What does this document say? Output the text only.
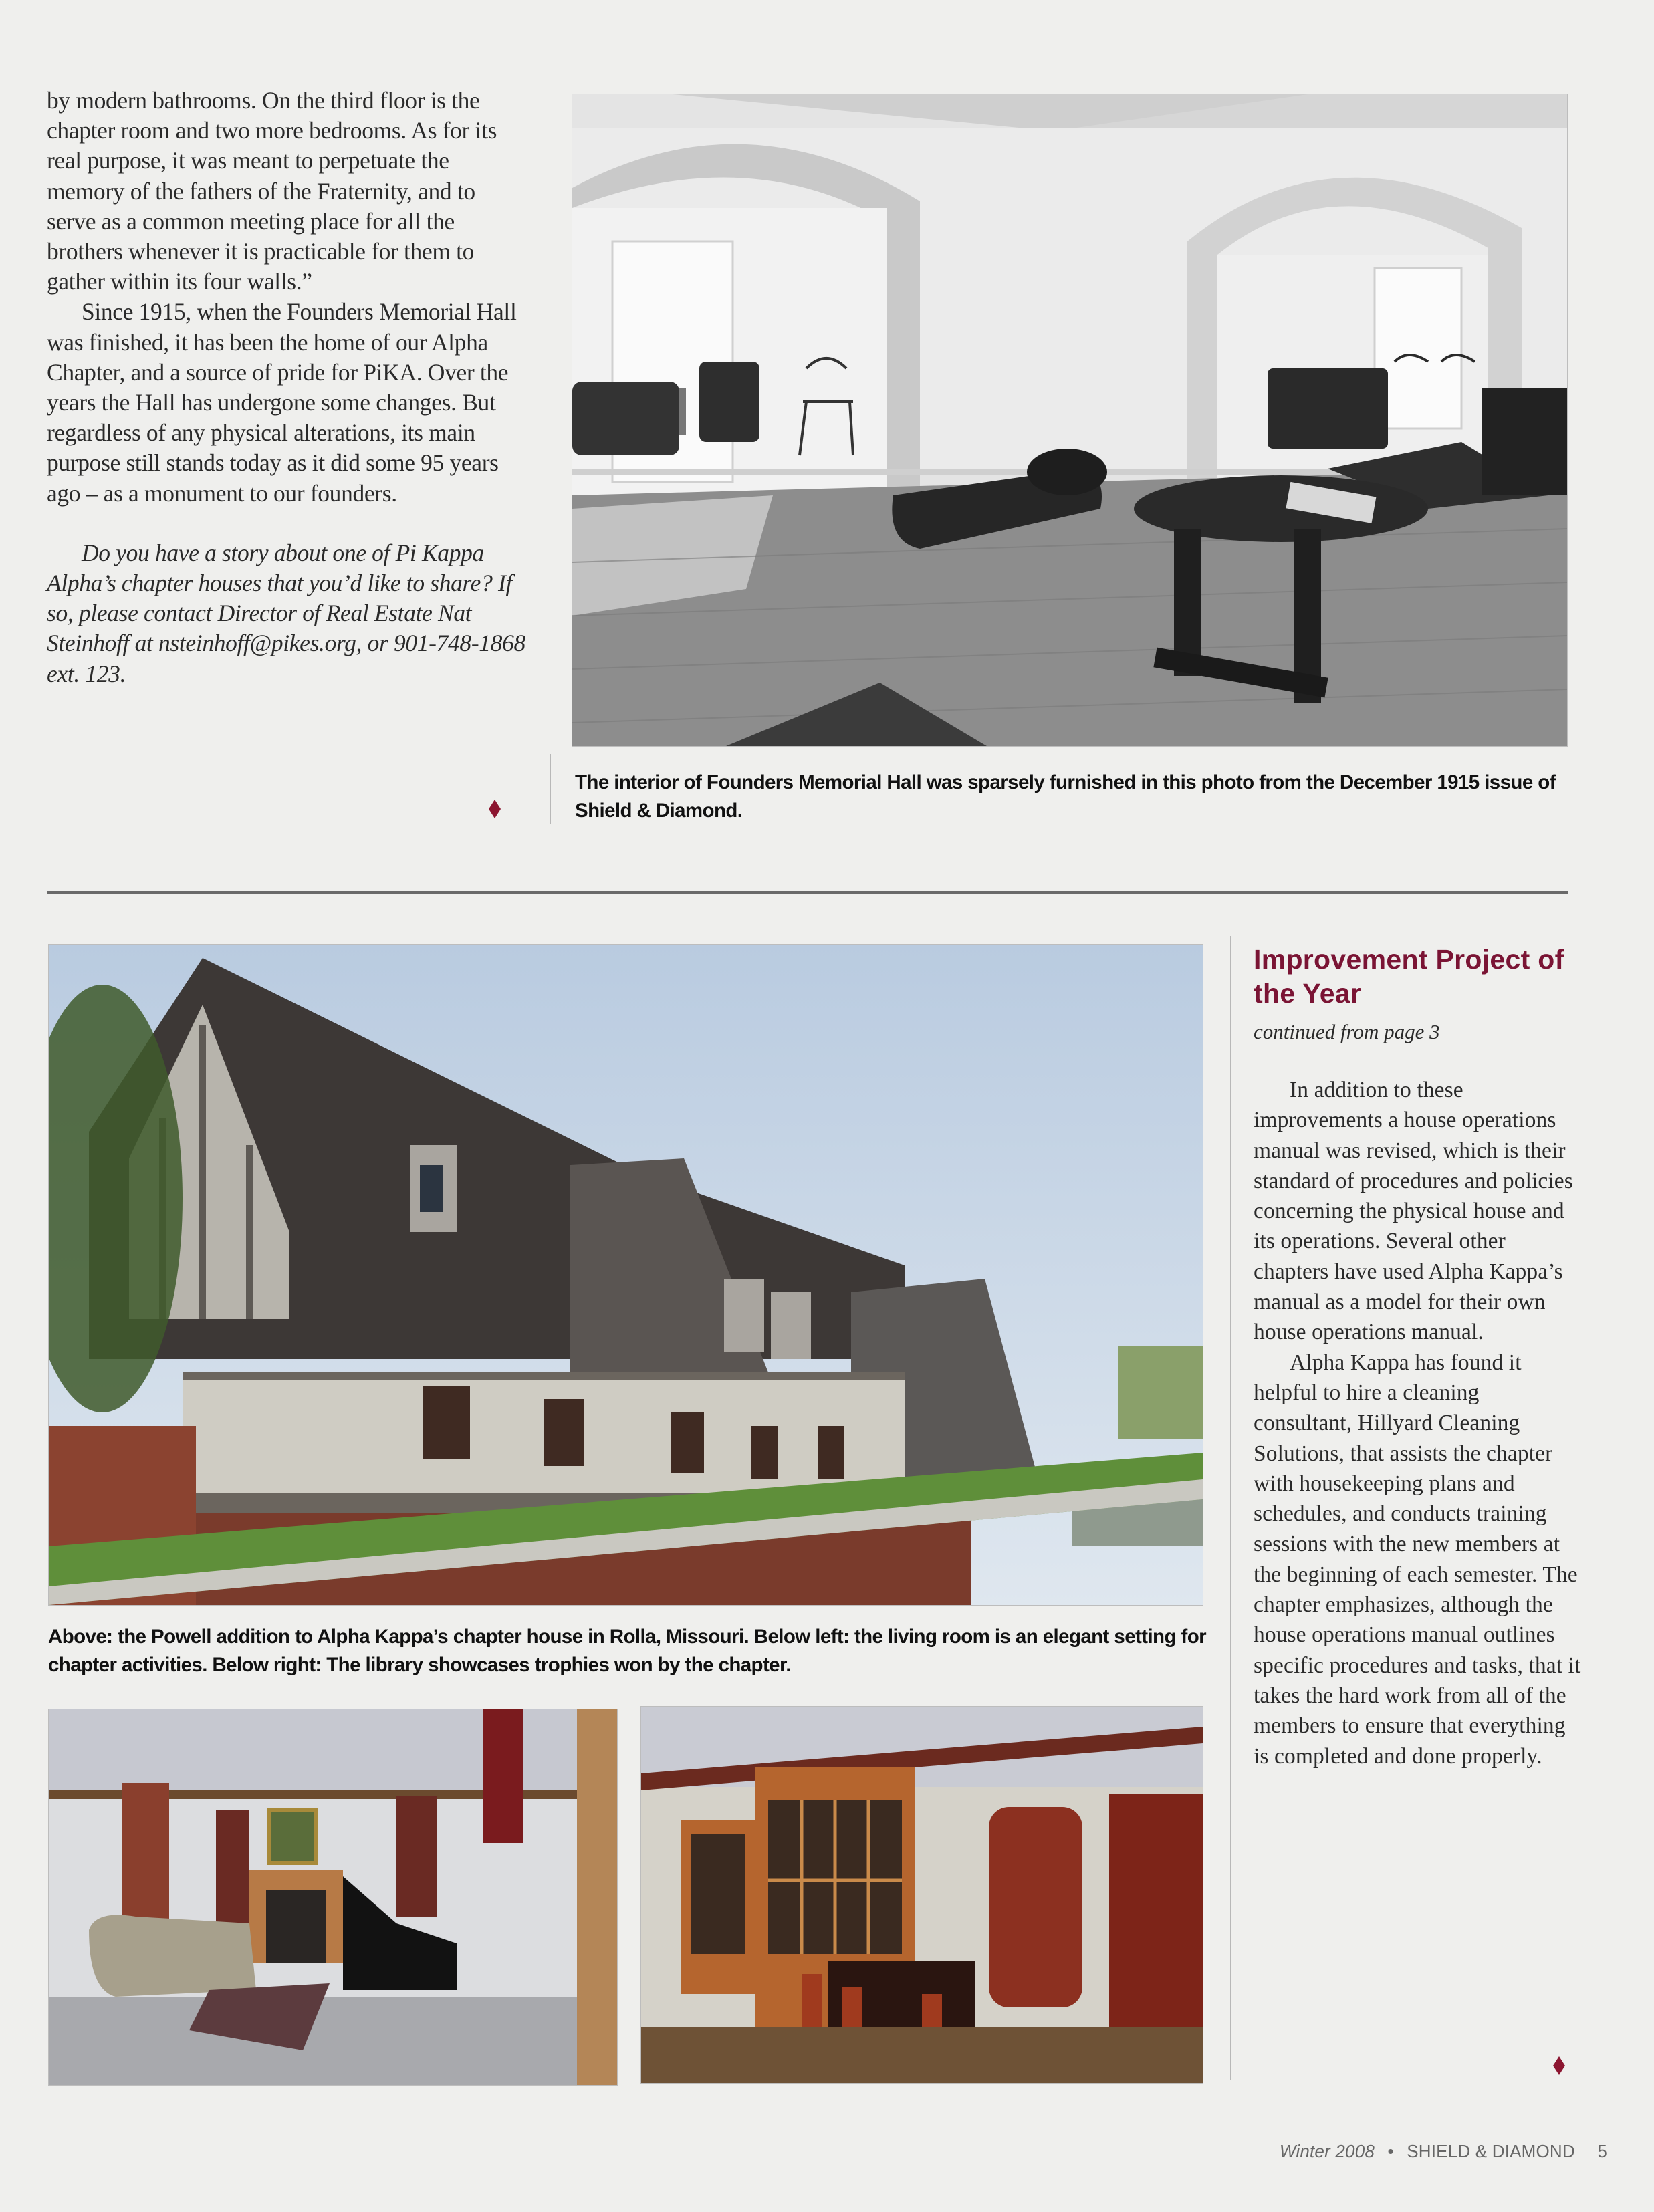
by modern bathrooms. On the third floor is the chapter room and two more bedrooms. As for its real purpose, it was meant to perpetuate the memory of the fathers of the Fraternity, and to serve as a common meeting place for all the brothers whenever it is practicable for them to gather within its four walls.”

Since 1915, when the Founders Memorial Hall was finished, it has been the home of our Alpha Chapter, and a source of pride for PiKA. Over the years the Hall has undergone some changes. But regardless of any physical alterations, its main purpose still stands today as it did some 95 years ago – as a monument to our founders.

Do you have a story about one of Pi Kappa Alpha’s chapter houses that you’d like to share? If so, please contact Director of Real Estate Nat Steinhoff at nsteinhoff@pikes.org, or 901-748-1868 ext. 123.

The interior of Founders Memorial Hall was sparsely furnished in this photo from the December 1915 issue of Shield & Diamond.
Above: the Powell addition to Alpha Kappa’s chapter house in Rolla, Missouri. Below left: the living room is an elegant setting for chapter activities. Below right: The library showcases trophies won by the chapter.
Improvement Project of the Year
continued from page 3

In addition to these improvements a house operations manual was revised, which is their standard of procedures and policies concerning the physical house and its operations. Several other chapters have used Alpha Kappa’s manual as a model for their own house operations manual.

Alpha Kappa has found it helpful to hire a cleaning consultant, Hillyard Cleaning Solutions, that assists the chapter with housekeeping plans and schedules, and conducts training sessions with the new members at the beginning of each semester. The chapter emphasizes, although the house operations manual outlines specific procedures and tasks, that it takes the hard work from all of the members to ensure that everything is completed and done properly.

Winter 2008 • SHIELD & DIAMOND 5
